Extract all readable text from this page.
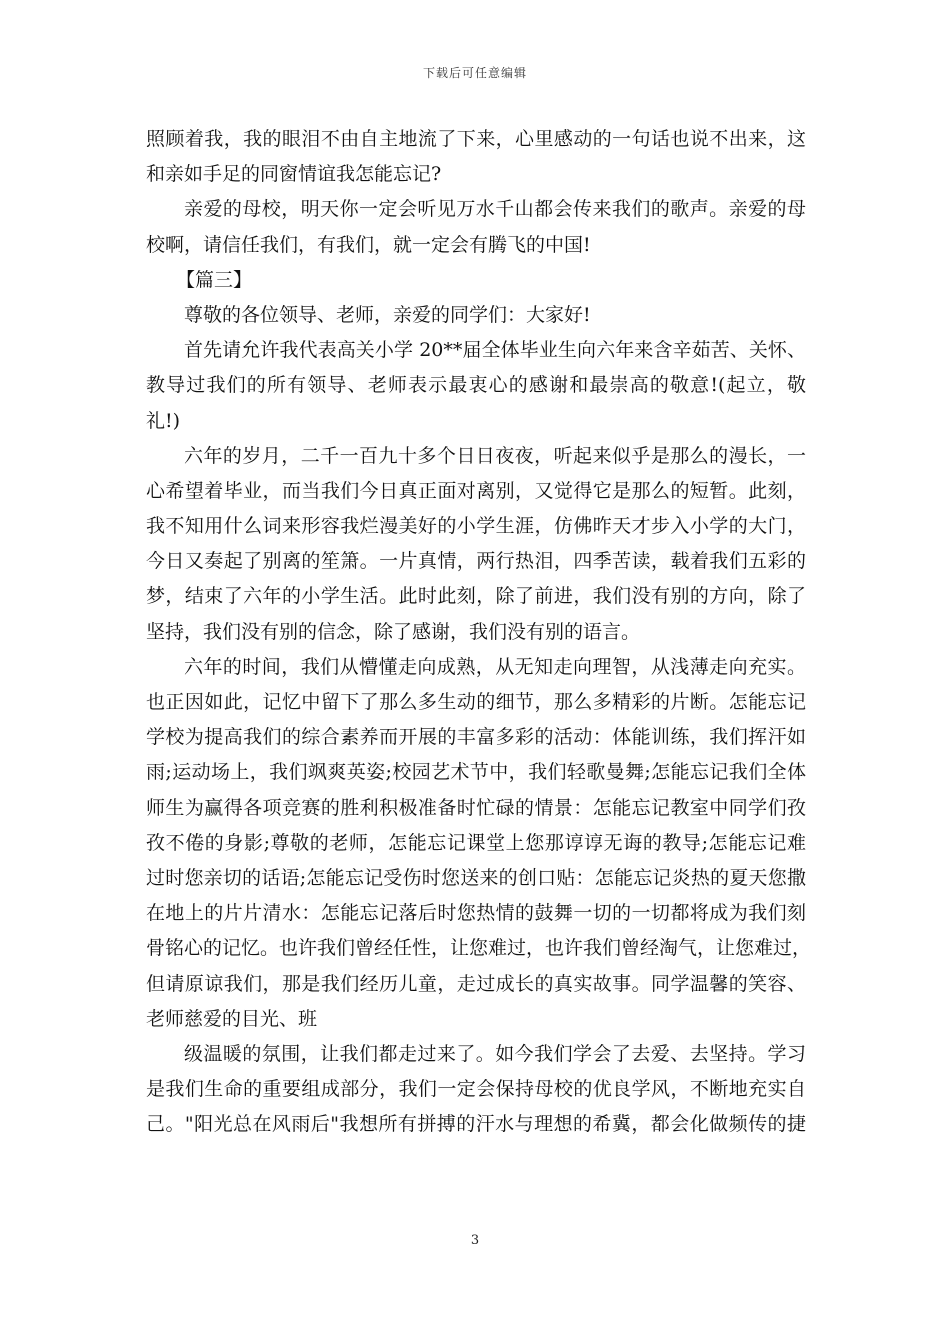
下载后可任意编辑
照顾着我，我的眼泪不由自主地流了下来，心里感动的一句话也说不出来，这
和亲如手足的同窗情谊我怎能忘记?
亲爱的母校，明天你一定会听见万水千山都会传来我们的歌声。亲爱的母
校啊，请信任我们，有我们，就一定会有腾飞的中国!
【篇三】
尊敬的各位领导、老师，亲爱的同学们：大家好!
首先请允许我代表高关小学 20**届全体毕业生向六年来含辛茹苦、关怀、
教导过我们的所有领导、老师表示最衷心的感谢和最崇高的敬意!(起立，敬
礼!)
六年的岁月，二千一百九十多个日日夜夜，听起来似乎是那么的漫长，一
心希望着毕业，而当我们今日真正面对离别，又觉得它是那么的短暂。此刻，
我不知用什么词来形容我烂漫美好的小学生涯，仿佛昨天才步入小学的大门，
今日又奏起了别离的笙箫。一片真情，两行热泪，四季苦读，载着我们五彩的
梦，结束了六年的小学生活。此时此刻，除了前进，我们没有别的方向，除了
坚持，我们没有别的信念，除了感谢，我们没有别的语言。
六年的时间，我们从懵懂走向成熟，从无知走向理智，从浅薄走向充实。
也正因如此，记忆中留下了那么多生动的细节，那么多精彩的片断。怎能忘记
学校为提高我们的综合素养而开展的丰富多彩的活动：体能训练，我们挥汗如
雨;运动场上，我们飒爽英姿;校园艺术节中，我们轻歌曼舞;怎能忘记我们全体
师生为赢得各项竞赛的胜利积极准备时忙碌的情景：怎能忘记教室中同学们孜
孜不倦的身影;尊敬的老师，怎能忘记课堂上您那谆谆无诲的教导;怎能忘记难
过时您亲切的话语;怎能忘记受伤时您送来的创口贴：怎能忘记炎热的夏天您撒
在地上的片片清水：怎能忘记落后时您热情的鼓舞一切的一切都将成为我们刻
骨铭心的记忆。也许我们曾经任性，让您难过，也许我们曾经淘气，让您难过，
但请原谅我们，那是我们经历儿童，走过成长的真实故事。同学温馨的笑容、
老师慈爱的目光、班
级温暖的氛围，让我们都走过来了。如今我们学会了去爱、去坚持。学习
是我们生命的重要组成部分，我们一定会保持母校的优良学风，不断地充实自
己。"阳光总在风雨后"我想所有拼搏的汗水与理想的希冀，都会化做频传的捷
3
